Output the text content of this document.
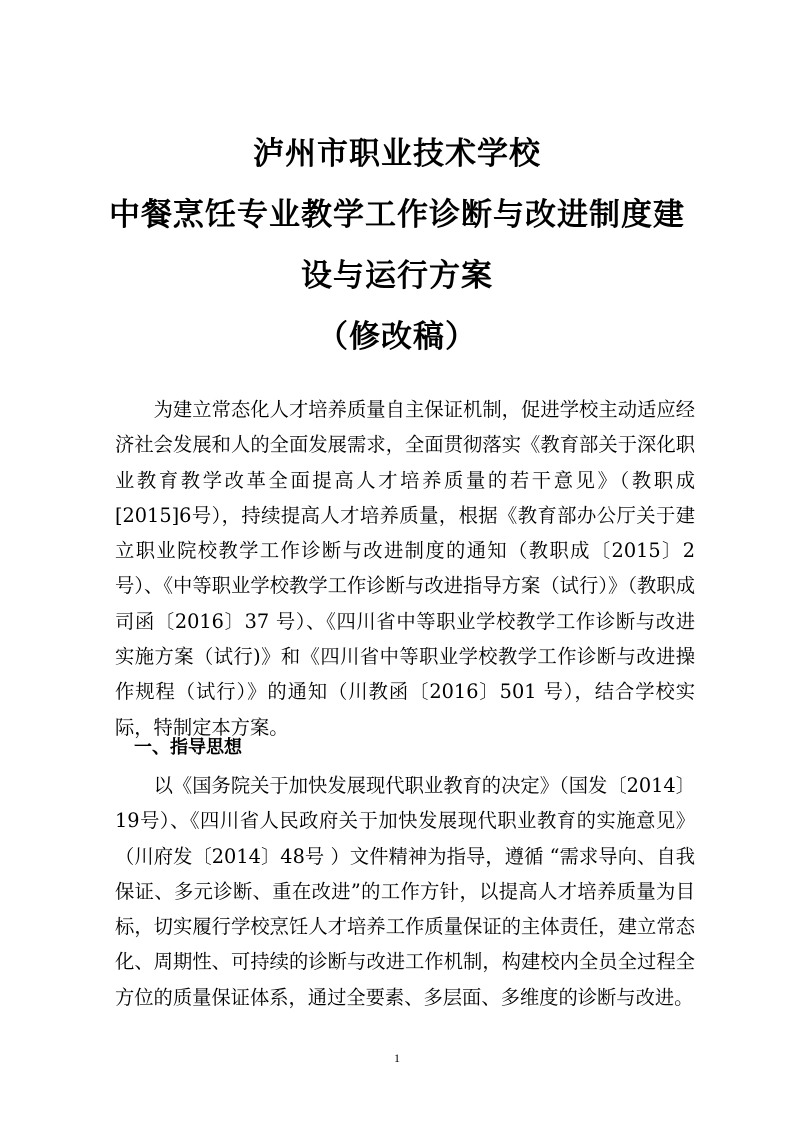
泸州市职业技术学校
中餐烹饪专业教学工作诊断与改进制度建
设与运行方案
（修改稿）

为建立常态化人才培养质量自主保证机制，促进学校主动适应经济社会发展和人的全面发展需求，全面贯彻落实《教育部关于深化职业教育教学改革全面提高人才培养质量的若干意见》（教职成[2015]6号），持续提高人才培养质量，根据《教育部办公厅关于建立职业院校教学工作诊断与改进制度的通知（教职成〔2015〕2 号）、《中等职业学校教学工作诊断与改进指导方案（试行）》（教职成司函〔2016〕37 号）、《四川省中等职业学校教学工作诊断与改进实施方案（试行)》和《四川省中等职业学校教学工作诊断与改进操作规程（试行）》的通知（川教函〔2016〕501 号），结合学校实际，特制定本方案。

一、指导思想

以《国务院关于加快发展现代职业教育的决定》（国发〔2014〕19号）、《四川省人民政府关于加快发展现代职业教育的实施意见》（川府发〔2014〕48号 ）文件精神为指导，遵循 “需求导向、自我保证、多元诊断、重在改进”的工作方针，以提高人才培养质量为目标，切实履行学校烹饪人才培养工作质量保证的主体责任，建立常态化、周期性、可持续的诊断与改进工作机制，构建校内全员全过程全方位的质量保证体系，通过全要素、多层面、多维度的诊断与改进。

1
